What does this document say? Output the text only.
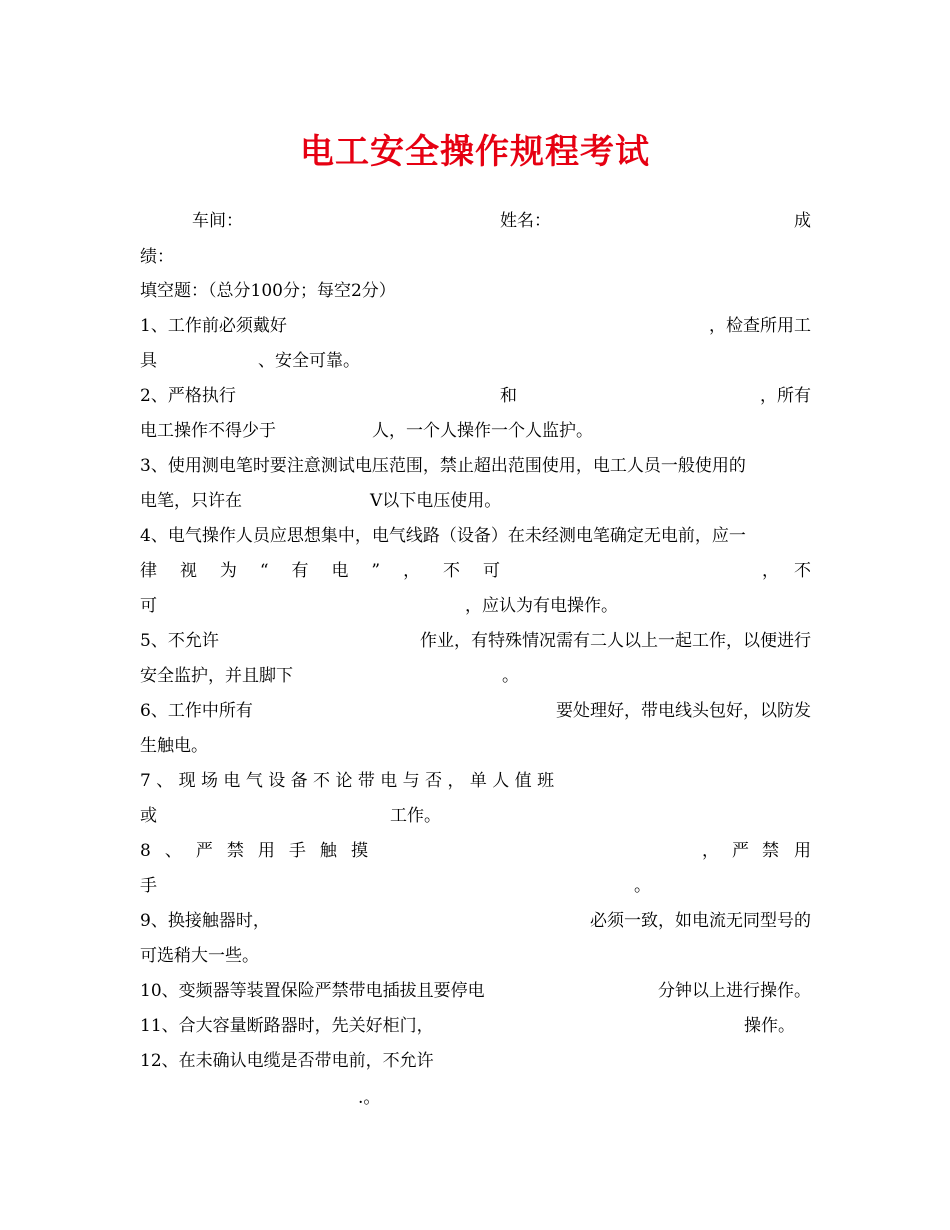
电工安全操作规程考试
车间：	姓名：	成
绩：
填空题：（总分100分；每空2分）
1、工作前必须戴好	，检查所用工
具	、安全可靠。
2、严格执行	和	，所有
电工操作不得少于	人，一个人操作一个人监护。
3、使用测电笔时要注意测试电压范围，禁止超出范围使用，电工人员一般使用的
电笔，只许在	V以下电压使用。
4、电气操作人员应思想集中，电气线路（设备）在未经测电笔确定无电前，应一
律 视 为 “ 有 电 ” ， 不 可	， 不
可	，应认为有电操作。
5、不允许	作业，有特殊情况需有二人以上一起工作，以便进行
安全监护，并且脚下	。
6、工作中所有	要处理好，带电线头包好，以防发
生触电。
7 、 现 场 电 气 设 备 不 论 带 电 与 否 ， 单 人 值 班
或	工作。
8 、 严 禁 用 手 触 摸	， 严 禁 用
手	。
9、换接触器时，	必须一致，如电流无同型号的
可选稍大一些。
10、变频器等装置保险严禁带电插拔且要停电	分钟以上进行操作。
11、合大容量断路器时，先关好柜门，	操作。
12、在未确认电缆是否带电前，不允许
.。
